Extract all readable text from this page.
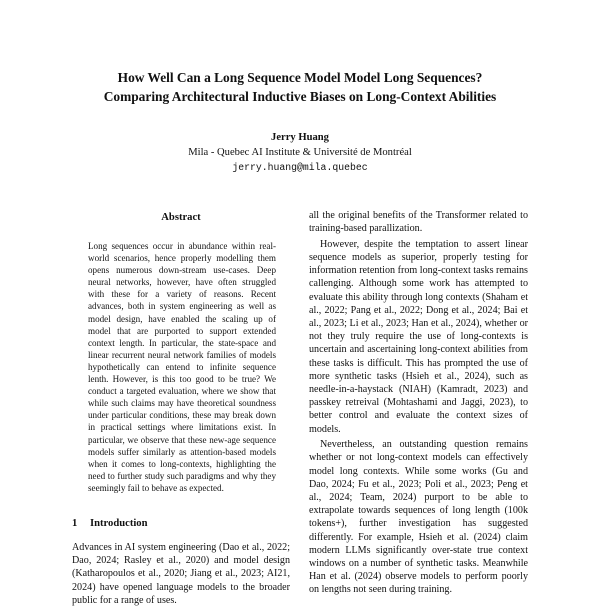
How Well Can a Long Sequence Model Model Long Sequences?
Comparing Architectural Inductive Biases on Long-Context Abilities
Jerry Huang
Mila - Quebec AI Institute & Université de Montréal
jerry.huang@mila.quebec
Abstract
Long sequences occur in abundance within real-world scenarios, hence properly modelling them opens numerous down-stream use-cases. Deep neural networks, however, have often struggled with these for a variety of reasons. Recent advances, both in system engineering as well as model design, have enabled the scaling up of model that are purported to support extended context length. In particular, the state-space and linear recurrent neural network families of models hypothetically can entend to infinite sequence lenth. However, is this too good to be true? We conduct a targeted evaluation, where we show that while such claims may have theoretical soundness under particular conditions, these may break down in practical settings where limitations exist. In particular, we observe that these new-age sequence models suffer similarly as attention-based models when it comes to long-contexts, highlighting the need to further study such paradigms and why they seemingly fail to behave as expected.
1 Introduction

Advances in AI system engineering (Dao et al., 2022; Dao, 2024; Rasley et al., 2020) and model design (Katharopoulos et al., 2020; Jiang et al., 2023; AI21, 2024) have opened language models to the broader public for a range of uses.

all the original benefits of the Transformer related to training-based parallization.

However, despite the temptation to assert linear sequence models as superior, properly testing for information retention from long-context tasks remains callenging. Although some work has attempted to evaluate this ability through long contexts (Shaham et al., 2022; Pang et al., 2022; Dong et al., 2024; Bai et al., 2023; Li et al., 2023; Han et al., 2024), whether or not they truly require the use of long-contexts is uncertain and ascertaining long-context abilities from these tasks is difficult. This has prompted the use of more synthetic tasks (Hsieh et al., 2024), such as needle-in-a-haystack (NIAH) (Kamradt, 2023) and passkey retreival (Mohtashami and Jaggi, 2023), to better control and evaluate the context sizes of models.

Nevertheless, an outstanding question remains whether or not long-context models can effectively model long contexts. While some works (Gu and Dao, 2024; Fu et al., 2023; Poli et al., 2023; Peng et al., 2024; Team, 2024) purport to be able to extrapolate towards sequences of long length (100k tokens+), further investigation has suggested differently. For example, Hsieh et al. (2024) claim modern LLMs significantly over-state true context windows on a number of synthetic tasks. Meanwhile Han et al. (2024) observe models to perform poorly on lengths not seen during training.
